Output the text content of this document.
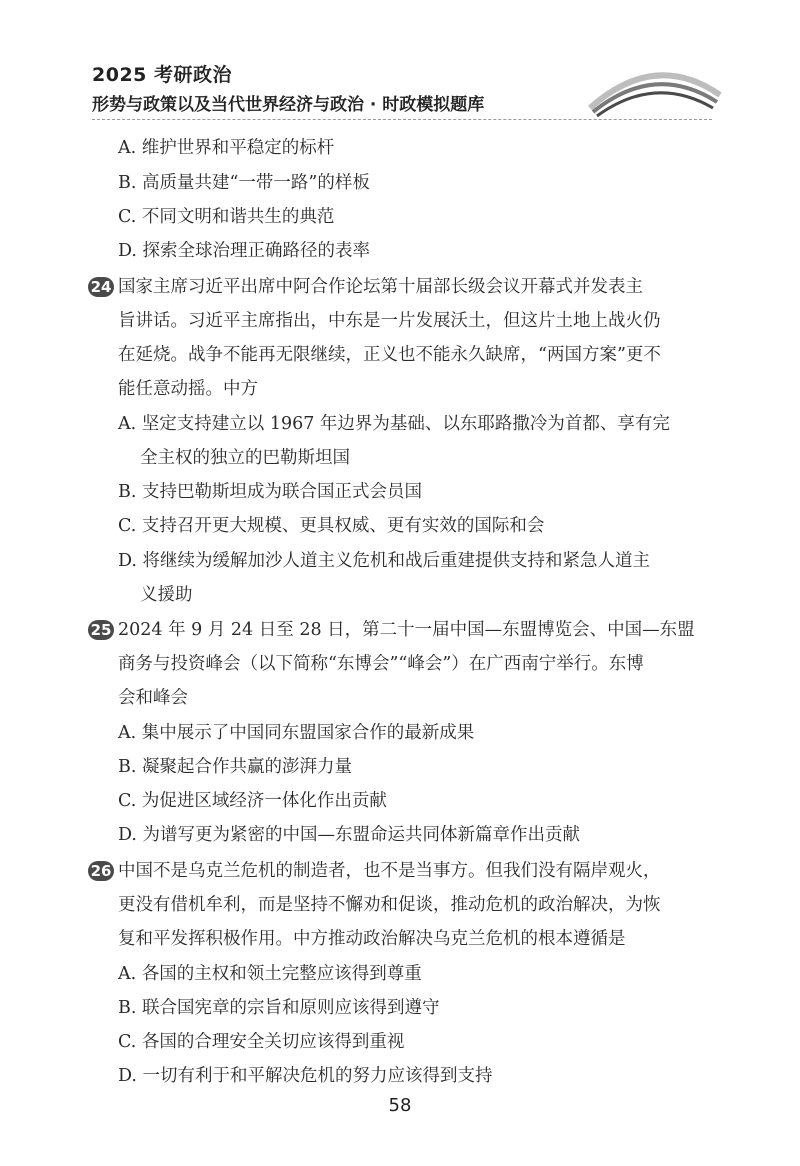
2025 考研政治
形势与政策以及当代世界经济与政治 · 时政模拟题库
A. 维护世界和平稳定的标杆
B. 高质量共建“一带一路”的样板
C. 不同文明和谐共生的典范
D. 探索全球治理正确路径的表率
24 国家主席习近平出席中阿合作论坛第十届部长级会议开幕式并发表主
旨讲话。习近平主席指出，中东是一片发展沃土，但这片土地上战火仍
在延烧。战争不能再无限继续，正义也不能永久缺席，“两国方案”更不
能任意动摇。中方
A. 坚定支持建立以 1967 年边界为基础、以东耶路撒冷为首都、享有完
全主权的独立的巴勒斯坦国
B. 支持巴勒斯坦成为联合国正式会员国
C. 支持召开更大规模、更具权威、更有实效的国际和会
D. 将继续为缓解加沙人道主义危机和战后重建提供支持和紧急人道主
义援助
25 2024 年 9 月 24 日至 28 日，第二十一届中国—东盟博览会、中国—东盟
商务与投资峰会（以下简称“东博会”“峰会”）在广西南宁举行。东博
会和峰会
A. 集中展示了中国同东盟国家合作的最新成果
B. 凝聚起合作共赢的澎湃力量
C. 为促进区域经济一体化作出贡献
D. 为谱写更为紧密的中国—东盟命运共同体新篇章作出贡献
26 中国不是乌克兰危机的制造者，也不是当事方。但我们没有隔岸观火，
更没有借机牟利，而是坚持不懈劝和促谈，推动危机的政治解决，为恢
复和平发挥积极作用。中方推动政治解决乌克兰危机的根本遵循是
A. 各国的主权和领土完整应该得到尊重
B. 联合国宪章的宗旨和原则应该得到遵守
C. 各国的合理安全关切应该得到重视
D. 一切有利于和平解决危机的努力应该得到支持
58
